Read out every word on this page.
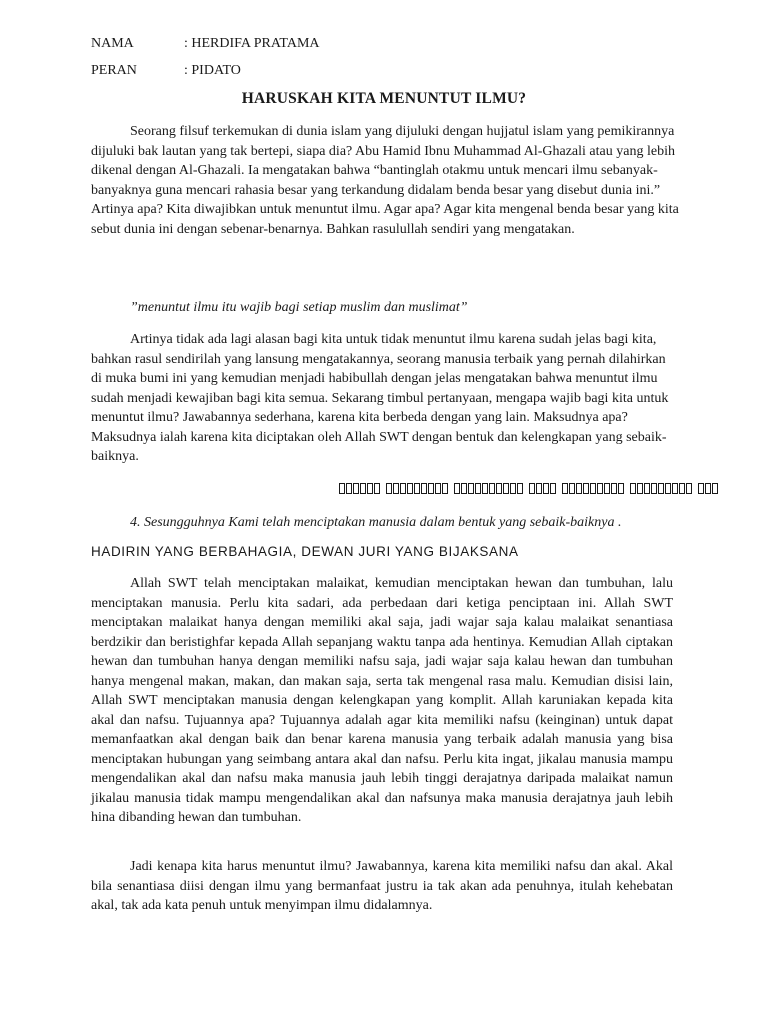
NAMA	: HERDIFA PRATAMA
PERAN	: PIDATO
HARUSKAH KITA MENUNTUT ILMU?

Seorang filsuf terkemukan di dunia islam yang dijuluki dengan hujjatul islam yang pemikirannya dijuluki bak lautan yang tak bertepi, siapa dia? Abu Hamid Ibnu Muhammad Al-Ghazali atau yang lebih dikenal dengan Al-Ghazali. Ia mengatakan bahwa “bantinglah otakmu untuk mencari ilmu sebanyak-banyaknya guna mencari rahasia besar yang terkandung didalam benda besar yang disebut dunia ini.” Artinya apa? Kita diwajibkan untuk menuntut ilmu. Agar apa? Agar kita mengenal benda besar yang kita sebut dunia ini dengan sebenar-benarnya. Bahkan rasulullah sendiri yang mengatakan.

”menuntut ilmu itu wajib bagi setiap muslim dan muslimat”

Artinya tidak ada lagi alasan bagi kita untuk tidak menuntut ilmu karena sudah jelas bagi kita, bahkan rasul sendirilah yang lansung mengatakannya, seorang manusia terbaik yang pernah dilahirkan di muka bumi ini yang kemudian menjadi habibullah dengan jelas mengatakan bahwa menuntut ilmu sudah menjadi kewajiban bagi kita semua. Sekarang timbul pertanyaan, mengapa wajib bagi kita untuk menuntut ilmu? Jawabannya sederhana, karena kita berbeda dengan yang lain. Maksudnya apa? Maksudnya ialah karena kita diciptakan oleh Allah SWT dengan bentuk dan kelengkapan yang sebaik-baiknya.

4. Sesungguhnya Kami telah menciptakan manusia dalam bentuk yang sebaik-baiknya .
HADIRIN YANG BERBAHAGIA, DEWAN JURI YANG BIJAKSANA

Allah SWT telah menciptakan malaikat, kemudian menciptakan hewan dan tumbuhan, lalu menciptakan manusia. Perlu kita sadari, ada perbedaan dari ketiga penciptaan ini. Allah SWT menciptakan malaikat hanya dengan memiliki akal saja, jadi wajar saja kalau malaikat senantiasa berdzikir dan beristighfar kepada Allah sepanjang waktu tanpa ada hentinya. Kemudian Allah ciptakan hewan dan tumbuhan hanya dengan memiliki nafsu saja, jadi wajar saja kalau hewan dan tumbuhan hanya mengenal makan, makan, dan makan saja, serta tak mengenal rasa malu. Kemudian disisi lain, Allah SWT menciptakan manusia dengan kelengkapan yang komplit. Allah karuniakan kepada kita akal dan nafsu. Tujuannya apa? Tujuannya adalah agar kita memiliki nafsu (keinginan) untuk dapat memanfaatkan akal dengan baik dan benar karena manusia yang terbaik adalah manusia yang bisa menciptakan hubungan yang seimbang antara akal dan nafsu. Perlu kita ingat, jikalau manusia mampu mengendalikan akal dan nafsu maka manusia jauh lebih tinggi derajatnya daripada malaikat namun jikalau manusia tidak mampu mengendalikan akal dan nafsunya maka manusia derajatnya jauh lebih hina dibanding hewan dan tumbuhan.

Jadi kenapa kita harus menuntut ilmu? Jawabannya, karena kita memiliki nafsu dan akal. Akal bila senantiasa diisi dengan ilmu yang bermanfaat justru ia tak akan ada penuhnya, itulah kehebatan akal, tak ada kata penuh untuk menyimpan ilmu didalamnya.
